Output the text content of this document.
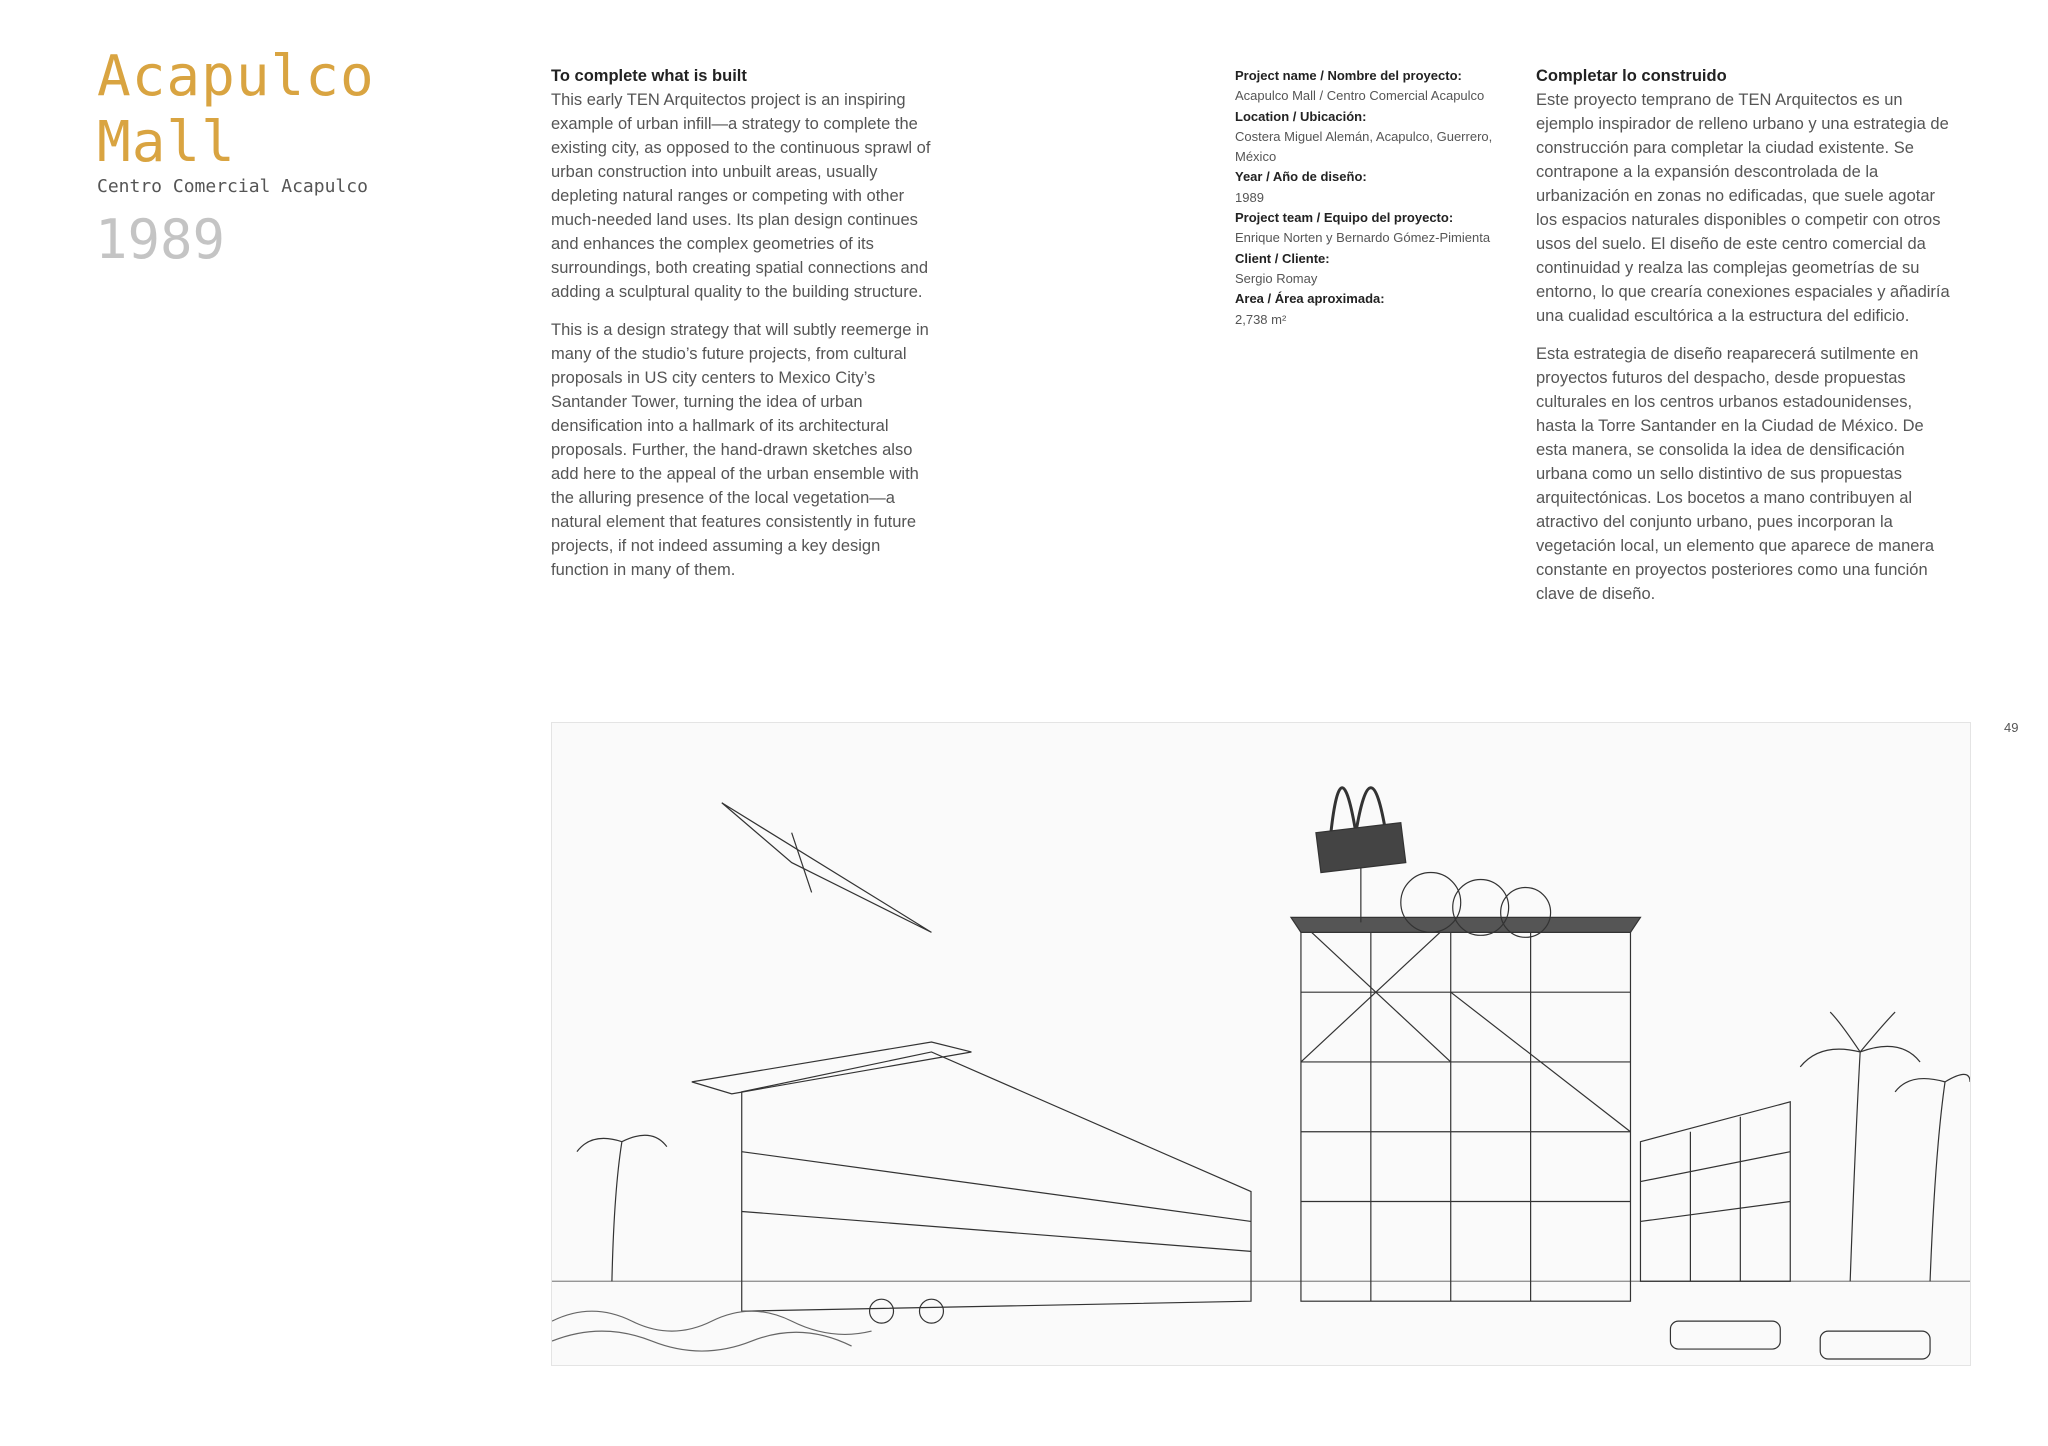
Acapulco
Mall
Centro Comercial Acapulco
1989
To complete what is built

This early TEN Arquitectos project is an inspiring example of urban infill—a strategy to complete the existing city, as opposed to the continuous sprawl of urban construction into unbuilt areas, usually depleting natural ranges or competing with other much-needed land uses. Its plan design continues and enhances the complex geometries of its surroundings, both creating spatial connections and adding a sculptural quality to the building structure.

This is a design strategy that will subtly reemerge in many of the studio’s future projects, from cultural proposals in US city centers to Mexico City’s Santander Tower, turning the idea of urban densification into a hallmark of its architectural proposals. Further, the hand-drawn sketches also add here to the appeal of the urban ensemble with the alluring presence of the local vegetation—a natural element that features consistently in future projects, if not indeed assuming a key design function in many of them.

Project name / Nombre del proyecto:
Acapulco Mall / Centro Comercial Acapulco
Location / Ubicación:
Costera Miguel Alemán, Acapulco, Guerrero, México
Year / Año de diseño:
1989
Project team / Equipo del proyecto:
Enrique Norten y Bernardo Gómez-Pimienta
Client / Cliente:
Sergio Romay
Area / Área aproximada:
2,738 m²
Completar lo construido

Este proyecto temprano de TEN Arquitectos es un ejemplo inspirador de relleno urbano y una estrategia de construcción para completar la ciudad existente. Se contrapone a la expansión descontrolada de la urbanización en zonas no edificadas, que suele agotar los espacios naturales disponibles o competir con otros usos del suelo. El diseño de este centro comercial da continuidad y realza las complejas geometrías de su entorno, lo que crearía conexiones espaciales y añadiría una cualidad escultórica a la estructura del edificio.

Esta estrategia de diseño reaparecerá sutilmente en proyectos futuros del despacho, desde propuestas culturales en los centros urbanos estadounidenses, hasta la Torre Santander en la Ciudad de México. De esta manera, se consolida la idea de densificación urbana como un sello distintivo de sus propuestas arquitectónicas. Los bocetos a mano contribuyen al atractivo del conjunto urbano, pues incorporan la vegetación local, un elemento que aparece de manera constante en proyectos posteriores como una función clave de diseño.

49
